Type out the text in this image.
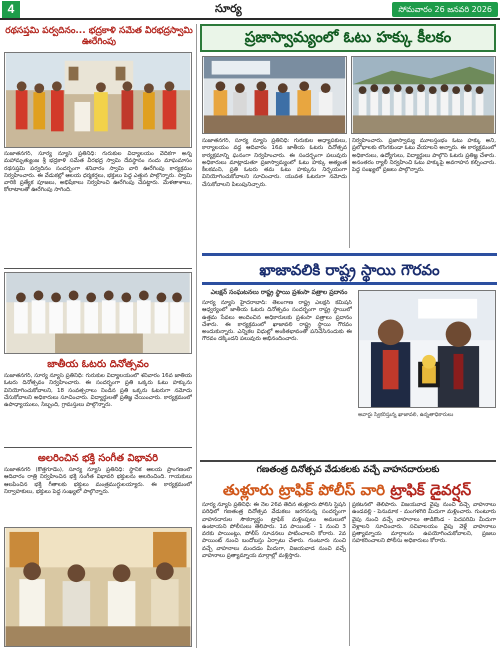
4	సూర్య	సోమవారం 26 జనవరి 2026
రథసప్తమి పర్వదినం... భద్రకాళి సమేత వీరభద్రస్వామి ఊరేగింపు
సుజాతనగర్, సూర్య న్యూస్ ప్రతినిధి: గురుకుల విద్యాలయం వేదికగా అన్న మహామృత్యుంజ శ్రీ భద్రకాళి సమేత వీరభద్ర స్వామి దేవస్థానం నందు మాఘమాసం రథసప్తమి పర్వదినం సందర్భంగా శనివారం స్వామి వారి ఊరేగింపు కార్యక్రమం నిర్వహించారు. ఈ వేడుకల్లో ఆలయ ధర్మకర్తలు, భక్తులు పెద్ద ఎత్తున పాల్గొన్నారు. స్వామి వారికి ప్రత్యేక పూజలు, అభిషేకాలు నిర్వహించి ఊరేగింపు చేపట్టారు. మేళతాళాలు, కోలాటాలతో ఊరేగింపు సాగింది.
జాతీయ ఓటరు దినోత్సవం
సుజాతనగర్, సూర్య న్యూస్ ప్రతినిధి: గురుకుల విద్యాలయంలో శనివారం 16వ జాతీయ ఓటరు దినోత్సవం నిర్వహించారు. ఈ సందర్భంగా ప్రతి ఒక్కరు ఓటు హక్కును వినియోగించుకోవాలని, 18 సంవత్సరాలు నిండిన ప్రతి ఒక్కరు ఓటరుగా నమోదు చేసుకోవాలని అధికారులు సూచించారు. విద్యార్థులతో ప్రతిజ్ఞ చేయించారు. కార్యక్రమంలో ఉపాధ్యాయులు, సిబ్బంది, గ్రామస్తులు పాల్గొన్నారు.
అలరించిన భక్తి సంగీత విభావరి
సుజాతనగర్ (కొత్తగూడెం), సూర్య న్యూస్ ప్రతినిధి: స్థానిక ఆలయ ప్రాంగణంలో ఆదివారం రాత్రి నిర్వహించిన భక్తి సంగీత విభావరి భక్తులను అలరించింది. గాయకులు ఆలపించిన భక్తి గీతాలకు భక్తులు మంత్రముగ్ధులయ్యారు. ఈ కార్యక్రమంలో నిర్వాహకులు, భక్తులు పెద్ద సంఖ్యలో పాల్గొన్నారు.
ప్రజాస్వామ్యంలో ఓటు హక్కు కీలకం
సుజాతనగర్, సూర్య న్యూస్ ప్రతినిధి: గురుకుల అధ్యాపకులు, కార్యాలయం వద్ద ఆదివారం 16వ జాతీయ ఓటరు దినోత్సవ కార్యక్రమాన్ని ఘనంగా నిర్వహించారు. ఈ సందర్భంగా పలువురు అధికారులు మాట్లాడుతూ ప్రజాస్వామ్యంలో ఓటు హక్కు అత్యంత కీలకమని, ప్రతి ఓటరు తమ ఓటు హక్కును నిర్భయంగా వినియోగించుకోవాలని సూచించారు. యువత ఓటరుగా నమోదు చేసుకోవాలని పిలుపునిచ్చారు.
నిర్వహించారు. ప్రజాస్వామ్య మూలస్తంభం ఓటు హక్కు అని, ప్రలోభాలకు లొంగకుండా ఓటు వేయాలని అన్నారు. ఈ కార్యక్రమంలో అధికారులు, ఉద్యోగులు, విద్యార్థులు పాల్గొని ఓటరు ప్రతిజ్ఞ చేశారు. అనంతరం ర్యాలీ నిర్వహించి ఓటు హక్కుపై అవగాహన కల్పించారు. పెద్ద సంఖ్యలో ప్రజలు పాల్గొన్నారు.
ఖాజావలికి రాష్ట్ర స్థాయి గౌరవం
ఎలక్షన్ సంఘటనలు రాష్ట్ర స్థాయి ప్రశంసా పత్రాల ప్రదానం
సూర్య న్యూస్ హైదరాబాద్: తెలంగాణ రాష్ట్ర ఎలక్షన్ కమిషన్ ఆధ్వర్యంలో జాతీయ ఓటరు దినోత్సవం సందర్భంగా రాష్ట్ర స్థాయిలో ఉత్తమ సేవలు అందించిన అధికారులకు ప్రశంసా పత్రాలు ప్రదానం చేశారు. ఈ కార్యక్రమంలో ఖాజావలి రాష్ట్ర స్థాయి గౌరవం అందుకున్నారు. ఎన్నికల విధుల్లో అంకితభావంతో పనిచేసినందుకు ఈ గౌరవం దక్కిందని పలువురు అభినందించారు.
అవార్డు స్వీకరిస్తున్న ఖాజావలి, ఉన్నతాధికారులు
గణతంత్ర దినోత్సవ వేడుకలకు వచ్చే వాహనదారులకు
తుళ్లూరు ట్రాఫిక్ పోలీస్ వారి ట్రాఫిక్ డైవర్షన్
సూర్య న్యూస్ ప్రతినిధి: ఈ నెల 26వ తేదీన తుళ్లూరు పోలీస్ స్టేషన్ పరిధిలో గణతంత్ర దినోత్సవ వేడుకలు జరగనున్న సందర్భంగా వాహనదారుల సౌకర్యార్థం ట్రాఫిక్ మళ్లింపులు అమలులో ఉంటాయని పోలీసులు తెలిపారు. 1వ పాయింట్ - 1 నుంచి 3 వరకు పాయింట్లు, పోలీస్ సూచనలు పాటించాలని కోరారు. 2వ పాయింట్ నుంచి బందోబస్తు ఏర్పాటు చేశారు. గుంటూరు నుంచి వచ్చే వాహనాలు మందడం మీదుగా, విజయవాడ నుంచి వచ్చే వాహనాలు ప్రత్యామ్నాయ మార్గాల్లో మళ్లిస్తారు.
ప్రకటనలో తెలిపారు. విజయవాడ వైపు నుంచి వచ్చే వాహనాలు ఉండవల్లి - పెనుమాక - మంగళగిరి మీదుగా మళ్లించారు. గుంటూరు వైపు నుంచి వచ్చే వాహనాలు తాడికొండ - పెదపరిమి మీదుగా వెళ్లాలని సూచించారు. సచివాలయం వైపు వెళ్లే వాహనాలు ప్రత్యామ్నాయ మార్గాలను ఉపయోగించుకోవాలని, ప్రజలు సహకరించాలని పోలీసు అధికారులు కోరారు.
